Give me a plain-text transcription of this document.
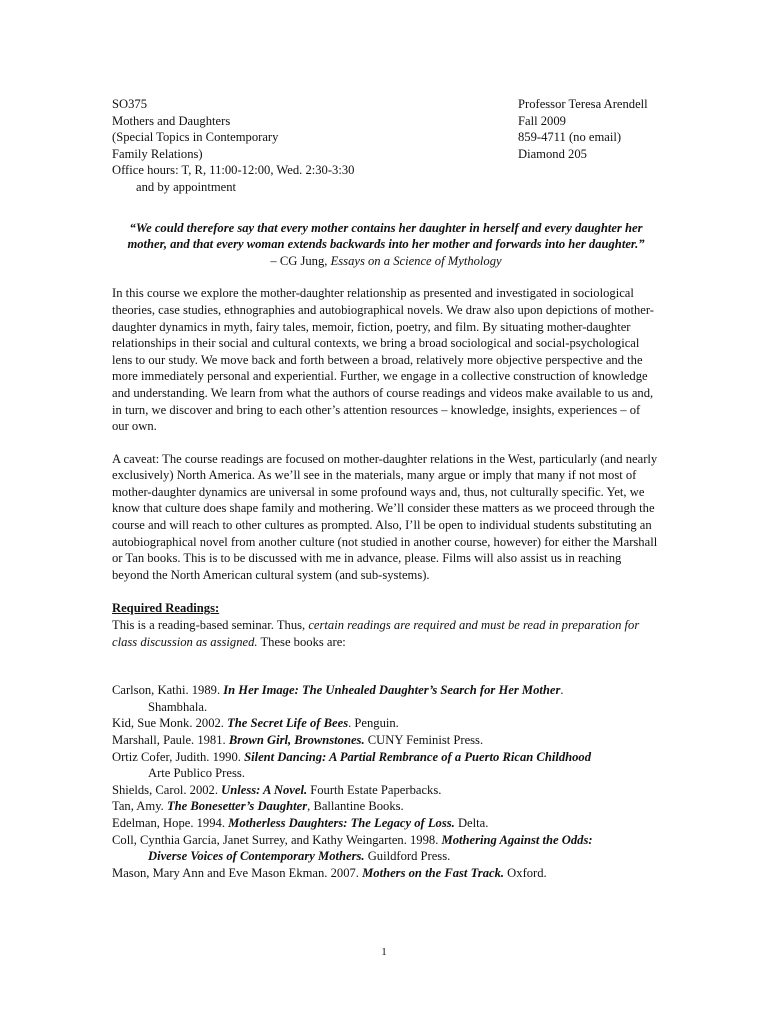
SO375
Mothers and Daughters
(Special Topics in Contemporary
Family Relations)
Office hours: T, R, 11:00-12:00, Wed. 2:30-3:30
and by appointment
Professor Teresa Arendell
Fall 2009
859-4711 (no email)
Diamond 205
“We could therefore say that every mother contains her daughter in herself and every daughter her mother, and that every woman extends backwards into her mother and forwards into her daughter.”
– CG Jung, Essays on a Science of Mythology
In this course we explore the mother-daughter relationship as presented and investigated in sociological theories, case studies, ethnographies and autobiographical novels. We draw also upon depictions of mother-daughter dynamics in myth, fairy tales, memoir, fiction, poetry, and film. By situating mother-daughter relationships in their social and cultural contexts, we bring a broad sociological and social-psychological lens to our study. We move back and forth between a broad, relatively more objective perspective and the more immediately personal and experiential. Further, we engage in a collective construction of knowledge and understanding. We learn from what the authors of course readings and videos make available to us and, in turn, we discover and bring to each other’s attention resources – knowledge, insights, experiences – of our own.
A caveat: The course readings are focused on mother-daughter relations in the West, particularly (and nearly exclusively) North America. As we’ll see in the materials, many argue or imply that many if not most of mother-daughter dynamics are universal in some profound ways and, thus, not culturally specific. Yet, we know that culture does shape family and mothering. We’ll consider these matters as we proceed through the course and will reach to other cultures as prompted. Also, I’ll be open to individual students substituting an autobiographical novel from another culture (not studied in another course, however) for either the Marshall or Tan books. This is to be discussed with me in advance, please. Films will also assist us in reaching beyond the North American cultural system (and sub-systems).
Required Readings:
This is a reading-based seminar. Thus, certain readings are required and must be read in preparation for class discussion as assigned. These books are:
Carlson, Kathi. 1989. In Her Image: The Unhealed Daughter’s Search for Her Mother.
Shambhala.
Kid, Sue Monk. 2002. The Secret Life of Bees. Penguin.
Marshall, Paule. 1981. Brown Girl, Brownstones. CUNY Feminist Press.
Ortiz Cofer, Judith. 1990. Silent Dancing: A Partial Rembrance of a Puerto Rican Childhood
Arte Publico Press.
Shields, Carol. 2002. Unless: A Novel. Fourth Estate Paperbacks.
Tan, Amy. The Bonesetter’s Daughter, Ballantine Books.
Edelman, Hope. 1994. Motherless Daughters: The Legacy of Loss. Delta.
Coll, Cynthia Garcia, Janet Surrey, and Kathy Weingarten. 1998. Mothering Against the Odds:
Diverse Voices of Contemporary Mothers. Guildford Press.
Mason, Mary Ann and Eve Mason Ekman. 2007. Mothers on the Fast Track. Oxford.
1
